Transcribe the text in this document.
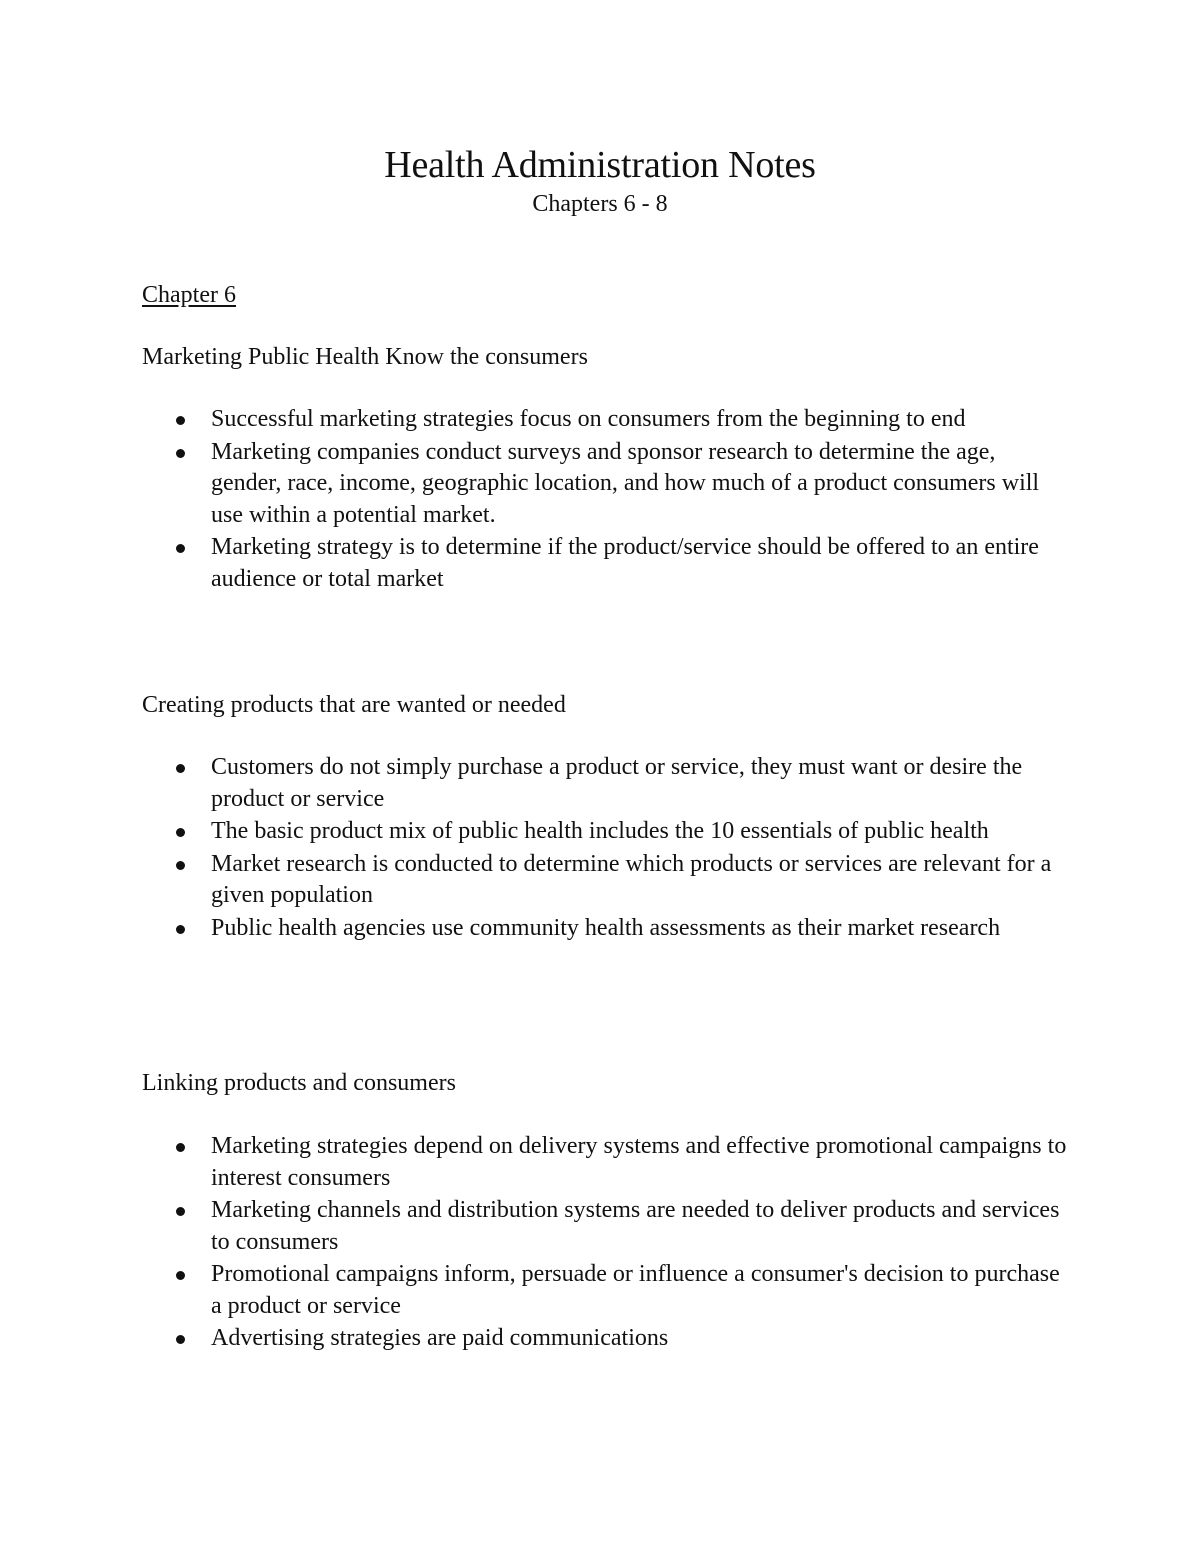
Health Administration Notes
Chapters 6 - 8
Chapter 6
Marketing Public Health Know the consumers
Successful marketing strategies focus on consumers from the beginning to end
Marketing companies conduct surveys and sponsor research to determine the age, gender, race, income, geographic location, and how much of a product consumers will use within a potential market.
Marketing strategy is to determine if the product/service should be offered to an entire audience or total market
Creating products that are wanted or needed
Customers do not simply purchase a product or service, they must want or desire the product or service
The basic product mix of public health includes the 10 essentials of public health
Market research is conducted to determine which products or services are relevant for a given population
Public health agencies use community health assessments as their market research
Linking products and consumers
Marketing strategies depend on delivery systems and effective promotional campaigns to interest consumers
Marketing channels and distribution systems are needed to deliver products and services to consumers
Promotional campaigns inform, persuade or influence a consumer's decision to purchase a product or service
Advertising strategies are paid communications
